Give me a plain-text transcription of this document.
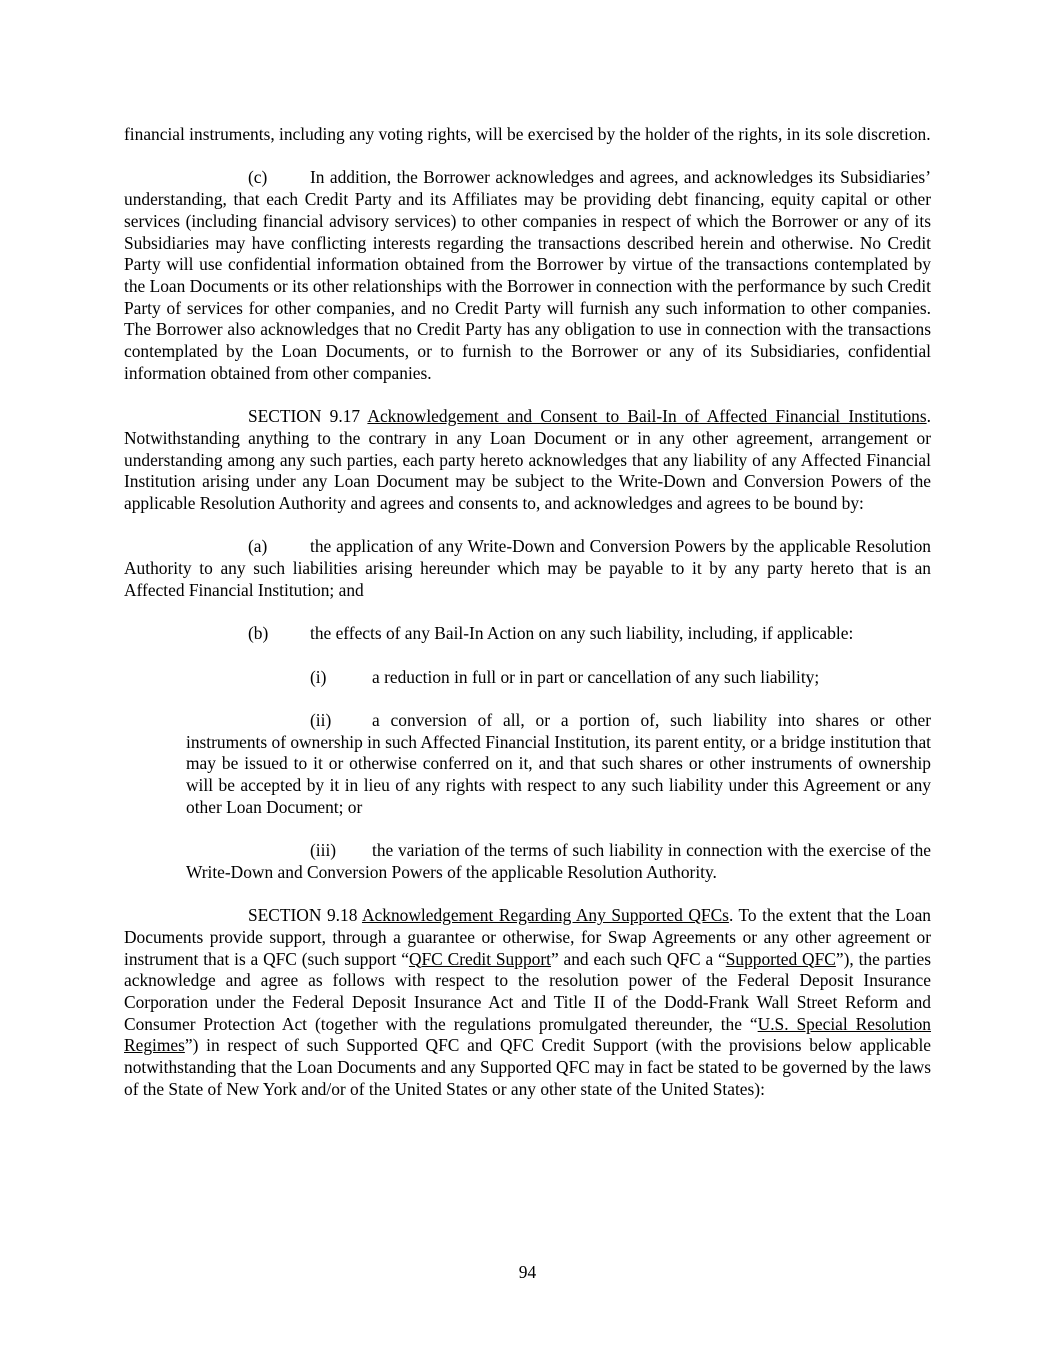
financial instruments, including any voting rights, will be exercised by the holder of the rights, in its sole discretion.

(c) In addition, the Borrower acknowledges and agrees, and acknowledges its Subsidiaries’ understanding, that each Credit Party and its Affiliates may be providing debt financing, equity capital or other services (including financial advisory services) to other companies in respect of which the Borrower or any of its Subsidiaries may have conflicting interests regarding the transactions described herein and otherwise. No Credit Party will use confidential information obtained from the Borrower by virtue of the transactions contemplated by the Loan Documents or its other relationships with the Borrower in connection with the performance by such Credit Party of services for other companies, and no Credit Party will furnish any such information to other companies. The Borrower also acknowledges that no Credit Party has any obligation to use in connection with the transactions contemplated by the Loan Documents, or to furnish to the Borrower or any of its Subsidiaries, confidential information obtained from other companies.

SECTION 9.17 Acknowledgement and Consent to Bail-In of Affected Financial Institutions. Notwithstanding anything to the contrary in any Loan Document or in any other agreement, arrangement or understanding among any such parties, each party hereto acknowledges that any liability of any Affected Financial Institution arising under any Loan Document may be subject to the Write-Down and Conversion Powers of the applicable Resolution Authority and agrees and consents to, and acknowledges and agrees to be bound by:

(a) the application of any Write-Down and Conversion Powers by the applicable Resolution Authority to any such liabilities arising hereunder which may be payable to it by any party hereto that is an Affected Financial Institution; and

(b) the effects of any Bail-In Action on any such liability, including, if applicable:

(i)	a reduction in full or in part or cancellation of any such liability;

(ii) a conversion of all, or a portion of, such liability into shares or other instruments of ownership in such Affected Financial Institution, its parent entity, or a bridge institution that may be issued to it or otherwise conferred on it, and that such shares or other instruments of ownership will be accepted by it in lieu of any rights with respect to any such liability under this Agreement or any other Loan Document; or

(iii) the variation of the terms of such liability in connection with the exercise of the Write-Down and Conversion Powers of the applicable Resolution Authority.

SECTION 9.18 Acknowledgement Regarding Any Supported QFCs. To the extent that the Loan Documents provide support, through a guarantee or otherwise, for Swap Agreements or any other agreement or instrument that is a QFC (such support “QFC Credit Support” and each such QFC a “Supported QFC”), the parties acknowledge and agree as follows with respect to the resolution power of the Federal Deposit Insurance Corporation under the Federal Deposit Insurance Act and Title II of the Dodd-Frank Wall Street Reform and Consumer Protection Act (together with the regulations promulgated thereunder, the “U.S. Special Resolution Regimes”) in respect of such Supported QFC and QFC Credit Support (with the provisions below applicable notwithstanding that the Loan Documents and any Supported QFC may in fact be stated to be governed by the laws of the State of New York and/or of the United States or any other state of the United States):

94
